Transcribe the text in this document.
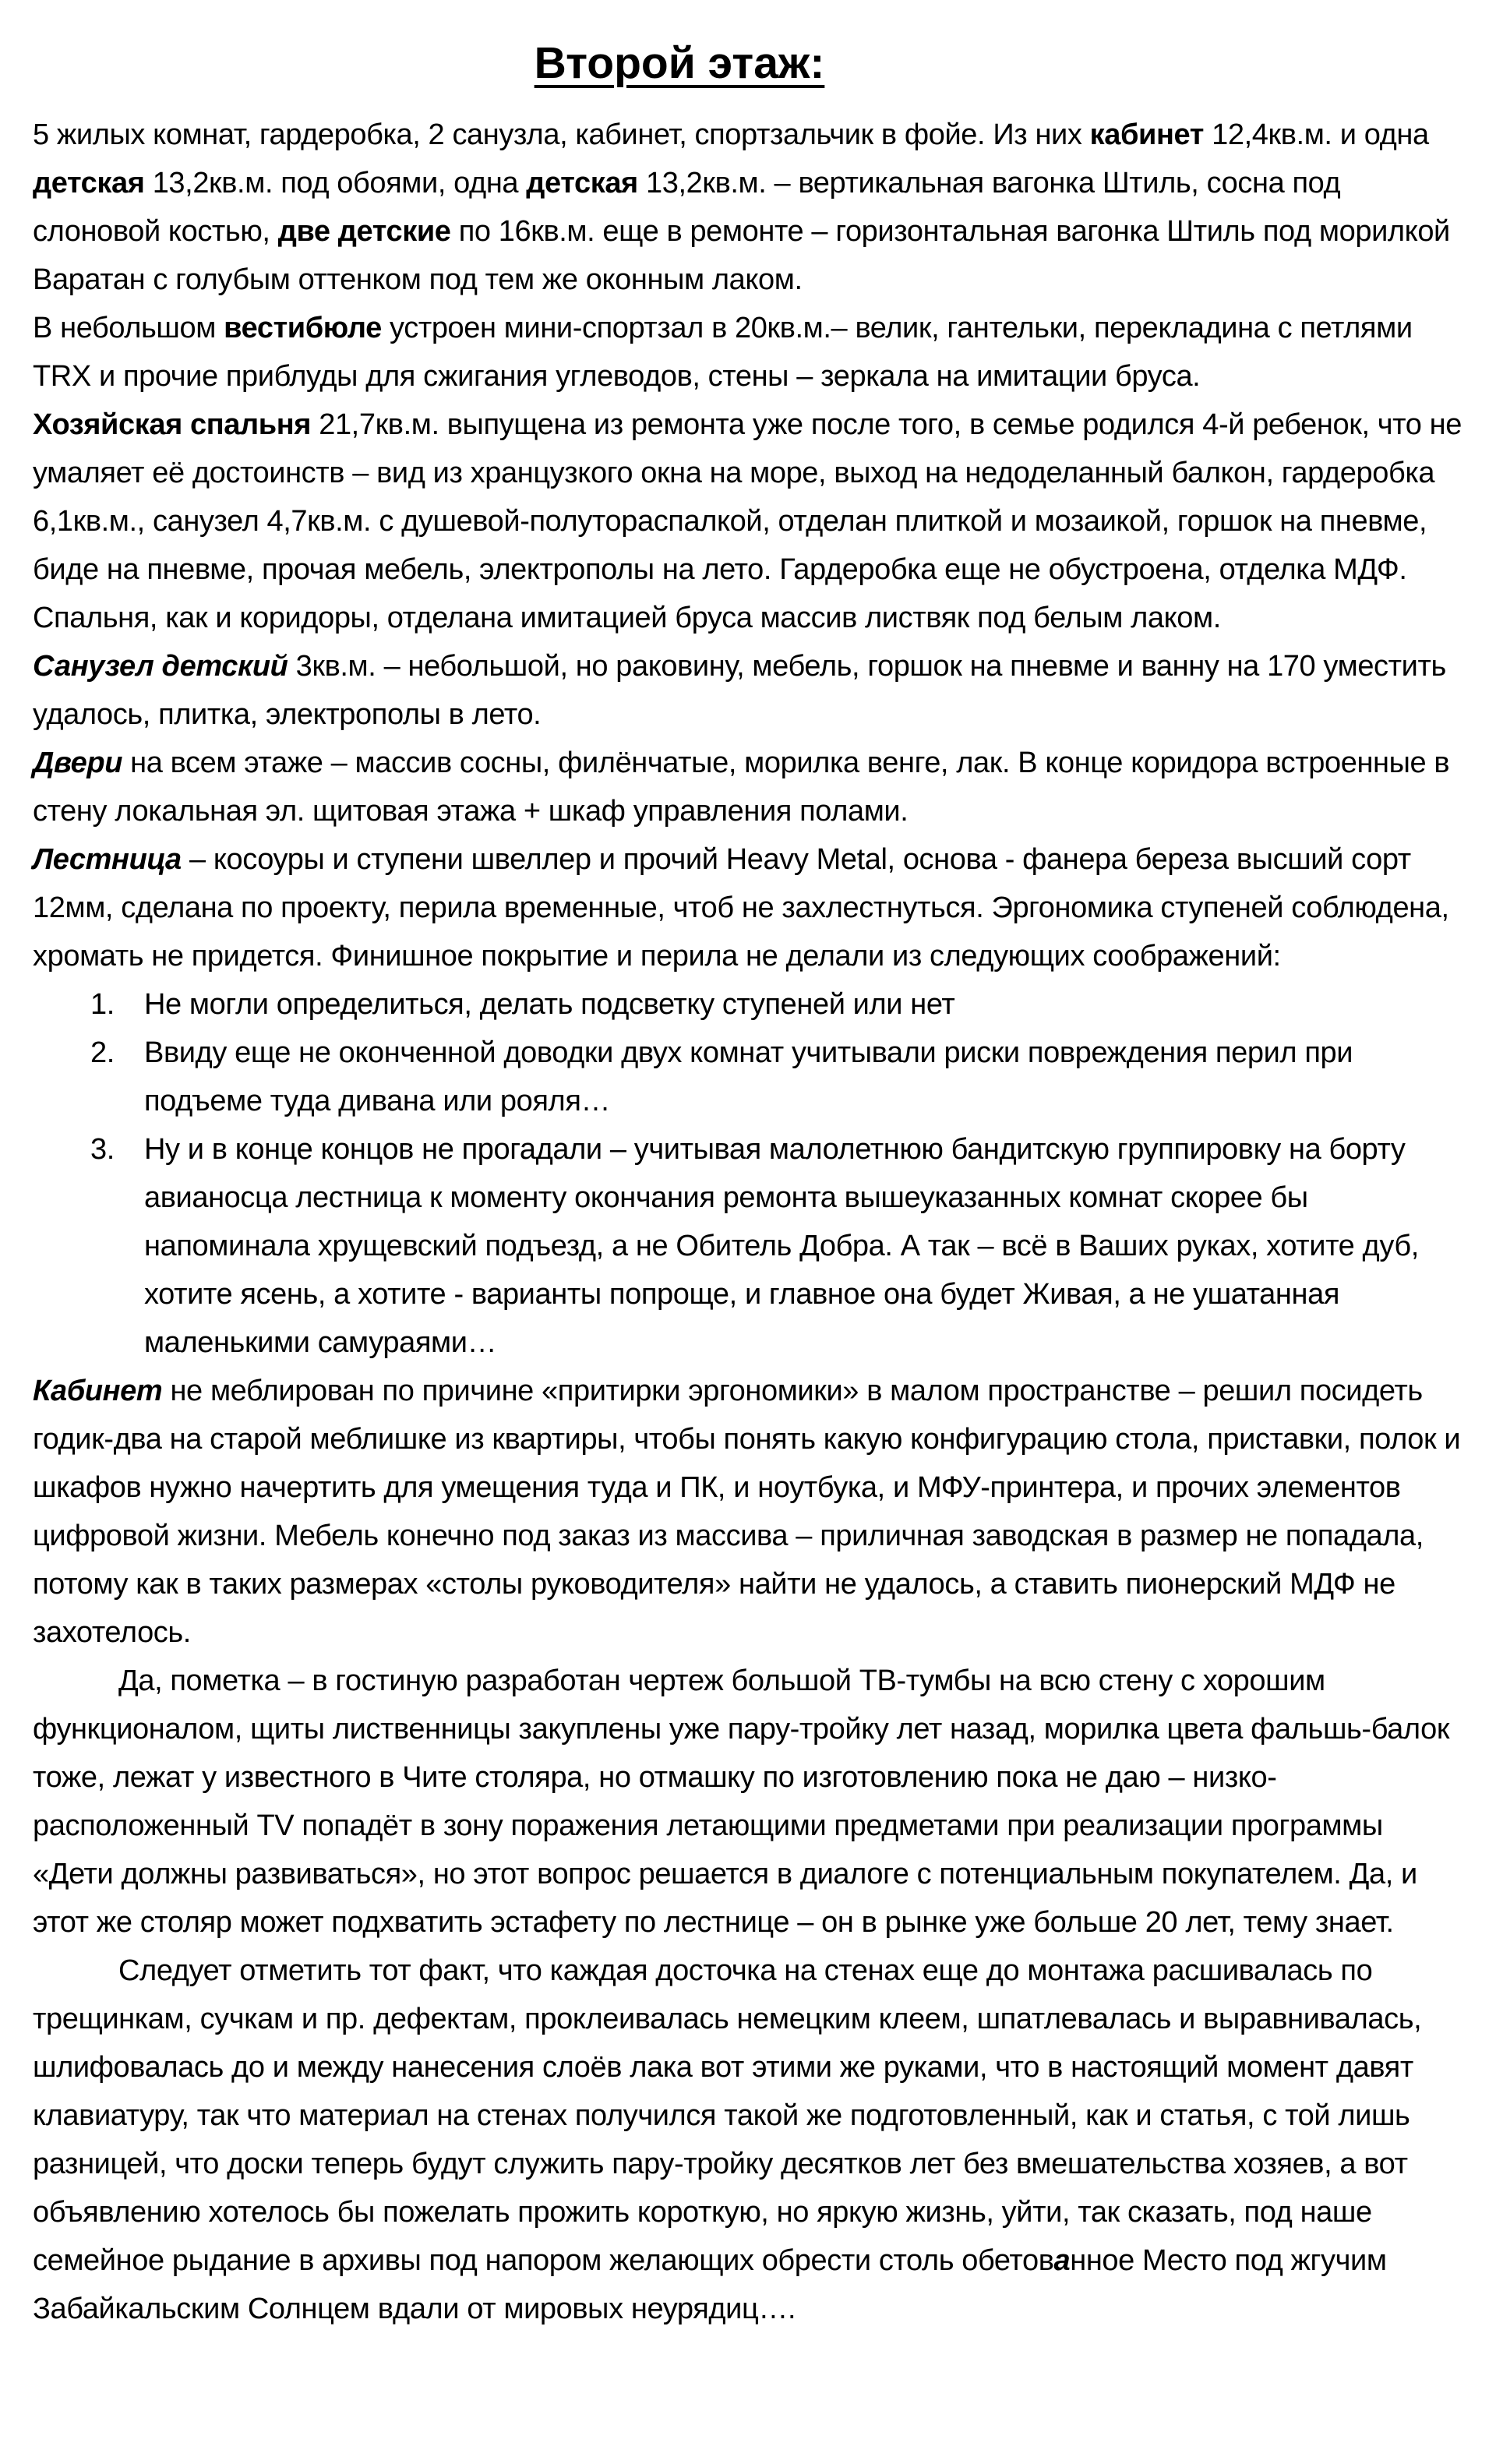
Второй этаж:

5 жилых комнат, гардеробка, 2 санузла, кабинет, спортзальчик в фойе. Из них кабинет 12,4кв.м. и одна детская 13,2кв.м. под обоями, одна детская 13,2кв.м. – вертикальная вагонка Штиль, сосна под слоновой костью, две детские по 16кв.м. еще в ремонте – горизонтальная вагонка Штиль под морилкой Варатан с голубым оттенком под тем же оконным лаком.

В небольшом вестибюле устроен мини-спортзал в 20кв.м.– велик, гантельки, перекладина с петлями TRX и прочие приблуды для сжигания углеводов, стены – зеркала на имитации бруса.

Хозяйская спальня 21,7кв.м. выпущена из ремонта уже после того, в семье родился 4-й ребенок, что не умаляет её достоинств – вид из хранцузкого окна на море, выход на недоделанный балкон, гардеробка 6,1кв.м., санузел 4,7кв.м. с душевой-полутораспалкой, отделан плиткой и мозаикой, горшок на пневме, биде на пневме, прочая мебель, электрополы на лето. Гардеробка еще не обустроена, отделка МДФ. Спальня, как и коридоры, отделана имитацией бруса массив листвяк под белым лаком.

Санузел детский 3кв.м. – небольшой, но раковину, мебель, горшок на пневме и ванну на 170 уместить удалось, плитка, электрополы в лето.

Двери на всем этаже – массив сосны, филёнчатые, морилка венге, лак. В конце коридора встроенные в стену локальная эл. щитовая этажа + шкаф управления полами.

Лестница – косоуры и ступени швеллер и прочий Heavy Metal, основа - фанера береза высший сорт 12мм, сделана по проекту, перила временные, чтоб не захлестнуться. Эргономика ступеней соблюдена, хромать не придется. Финишное покрытие и перила не делали из следующих соображений:

1. Не могли определиться, делать подсветку ступеней или нет
2. Ввиду еще не оконченной доводки двух комнат учитывали риски повреждения перил при подъеме туда дивана или рояля…
3. Ну и в конце концов не прогадали – учитывая малолетнюю бандитскую группировку на борту авианосца лестница к моменту окончания ремонта вышеуказанных комнат скорее бы напоминала хрущевский подъезд, а не Обитель Добра. А так – всё в Ваших руках, хотите дуб, хотите ясень, а хотите - варианты попроще, и главное она будет Живая, а не ушатанная маленькими самураями…

Кабинет не меблирован по причине «притирки эргономики» в малом пространстве – решил посидеть годик-два на старой меблишке из квартиры, чтобы понять какую конфигурацию стола, приставки, полок и шкафов нужно начертить для умещения туда и ПК, и ноутбука, и МФУ-принтера, и прочих элементов цифровой жизни. Мебель конечно под заказ из массива – приличная заводская в размер не попадала, потому как в таких размерах «столы руководителя» найти не удалось, а ставить пионерский МДФ не захотелось.

Да, пометка – в гостиную разработан чертеж большой ТВ-тумбы на всю стену с хорошим функционалом, щиты лиственницы закуплены уже пару-тройку лет назад, морилка цвета фальшь-балок тоже, лежат у известного в Чите столяра, но отмашку по изготовлению пока не даю – низко-расположенный TV попадёт в зону поражения летающими предметами при реализации программы «Дети должны развиваться», но этот вопрос решается в диалоге с потенциальным покупателем. Да, и этот же столяр может подхватить эстафету по лестнице – он в рынке уже больше 20 лет, тему знает.

Следует отметить тот факт, что каждая досточка на стенах еще до монтажа расшивалась по трещинкам, сучкам и пр. дефектам, проклеивалась немецким клеем, шпатлевалась и выравнивалась, шлифовалась до и между нанесения слоёв лака вот этими же руками, что в настоящий момент давят клавиатуру, так что материал на стенах получился такой же подготовленный, как и статья, с той лишь разницей, что доски теперь будут служить пару-тройку десятков лет без вмешательства хозяев, а вот объявлению хотелось бы пожелать прожить короткую, но яркую жизнь, уйти, так сказать, под наше семейное рыдание в архивы под напором желающих обрести столь обетованное Место под жгучим Забайкальским Солнцем вдали от мировых неурядиц….
